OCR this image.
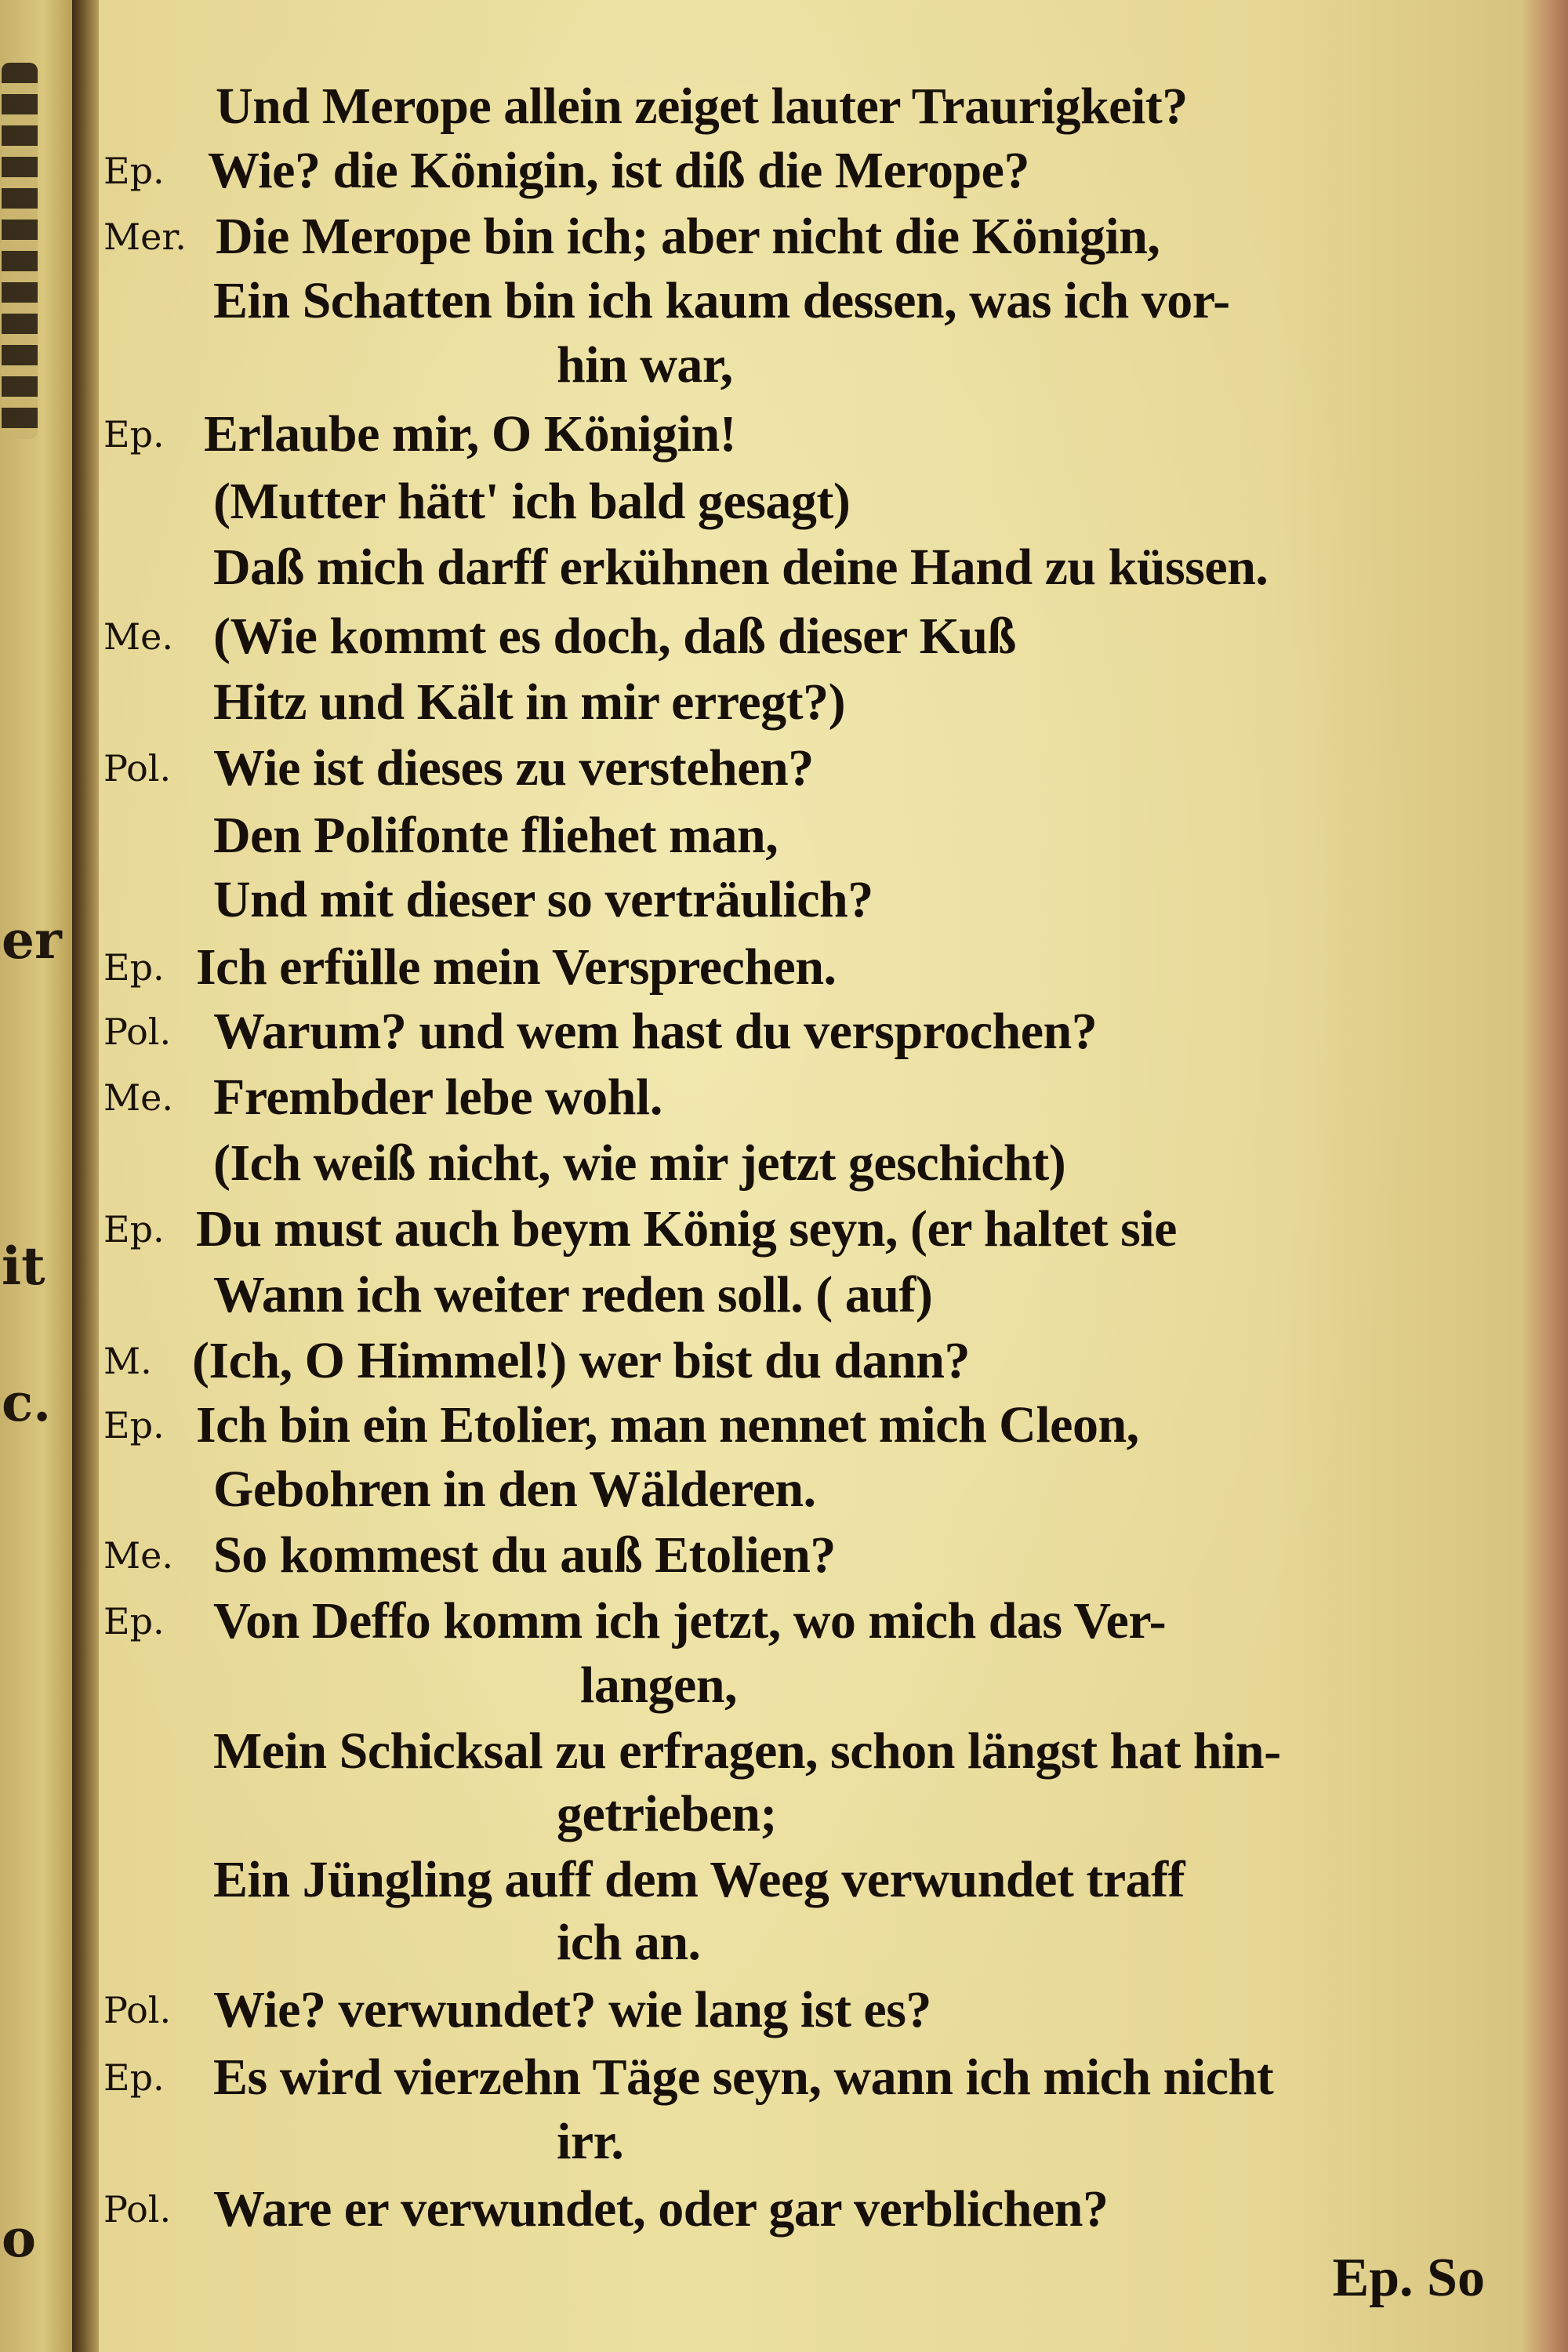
er
it
c.
o
Und Merope allein zeiget lauter Traurigkeit?
Ep. Wie? die Königin, ist diß die Merope?
Mer. Die Merope bin ich; aber nicht die Königin,
Ein Schatten bin ich kaum dessen, was ich vor-
hin war,
Ep. Erlaube mir, O Königin!
(Mutter hätt' ich bald gesagt)
Daß mich darff erkühnen deine Hand zu küssen.
Me. (Wie kommt es doch, daß dieser Kuß
Hitz und Kält in mir erregt?)
Pol. Wie ist dieses zu verstehen?
Den Polifonte fliehet man,
Und mit dieser so verträulich?
Ep. Ich erfülle mein Versprechen.
Pol. Warum? und wem hast du versprochen?
Me. Frembder lebe wohl.
(Ich weiß nicht, wie mir jetzt geschicht)
Ep. Du must auch beym König seyn, (er haltet sie
Wann ich weiter reden soll. ( auf)
M. (Ich, O Himmel!) wer bist du dann?
Ep. Ich bin ein Etolier, man nennet mich Cleon,
Gebohren in den Wälderen.
Me. So kommest du auß Etolien?
Ep. Von Deffo komm ich jetzt, wo mich das Ver-
langen,
Mein Schicksal zu erfragen, schon längst hat hin-
getrieben;
Ein Jüngling auff dem Weeg verwundet traff
ich an.
Pol. Wie? verwundet? wie lang ist es?
Ep. Es wird vierzehn Täge seyn, wann ich mich nicht
irr.
Pol. Ware er verwundet, oder gar verblichen?
Ep. So
